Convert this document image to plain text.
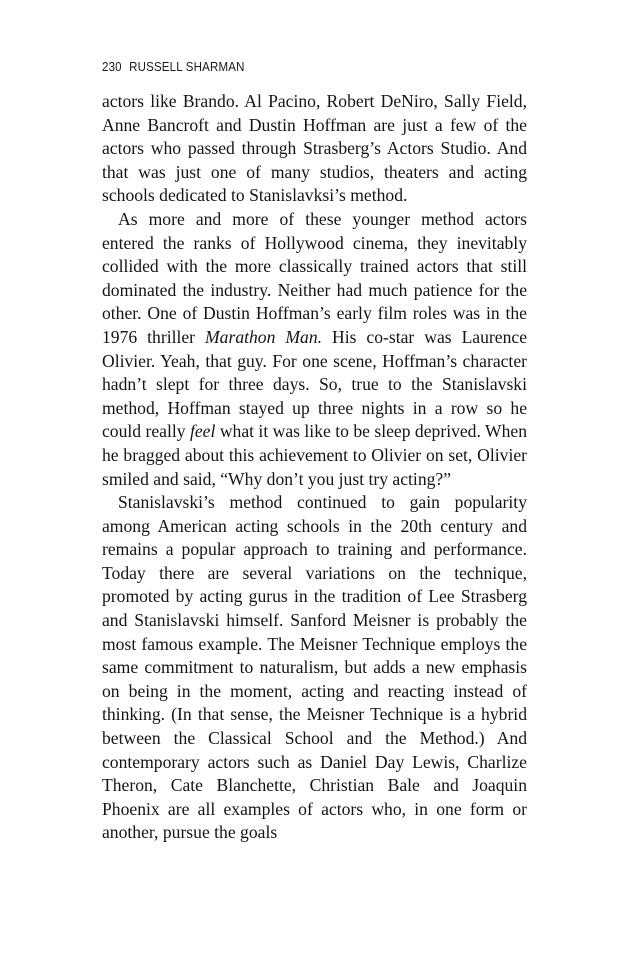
230 RUSSELL SHARMAN

actors like Brando. Al Pacino, Robert DeNiro, Sally Field, Anne Bancroft and Dustin Hoffman are just a few of the actors who passed through Strasberg’s Actors Studio. And that was just one of many studios, theaters and acting schools dedicated to Stanislavksi’s method.

As more and more of these younger method actors entered the ranks of Hollywood cinema, they inevitably collided with the more classically trained actors that still dominated the industry. Neither had much patience for the other. One of Dustin Hoffman’s early film roles was in the 1976 thriller Marathon Man. His co-star was Laurence Olivier. Yeah, that guy. For one scene, Hoffman’s character hadn’t slept for three days. So, true to the Stanislavski method, Hoffman stayed up three nights in a row so he could really feel what it was like to be sleep deprived. When he bragged about this achievement to Olivier on set, Olivier smiled and said, “Why don’t you just try acting?”

Stanislavski’s method continued to gain popularity among American acting schools in the 20th century and remains a popular approach to training and performance. Today there are several variations on the technique, promoted by acting gurus in the tradition of Lee Strasberg and Stanislavski himself. Sanford Meisner is probably the most famous example. The Meisner Technique employs the same commitment to naturalism, but adds a new emphasis on being in the moment, acting and reacting instead of thinking. (In that sense, the Meisner Technique is a hybrid between the Classical School and the Method.) And contemporary actors such as Daniel Day Lewis, Charlize Theron, Cate Blanchette, Christian Bale and Joaquin Phoenix are all examples of actors who, in one form or another, pursue the goals
